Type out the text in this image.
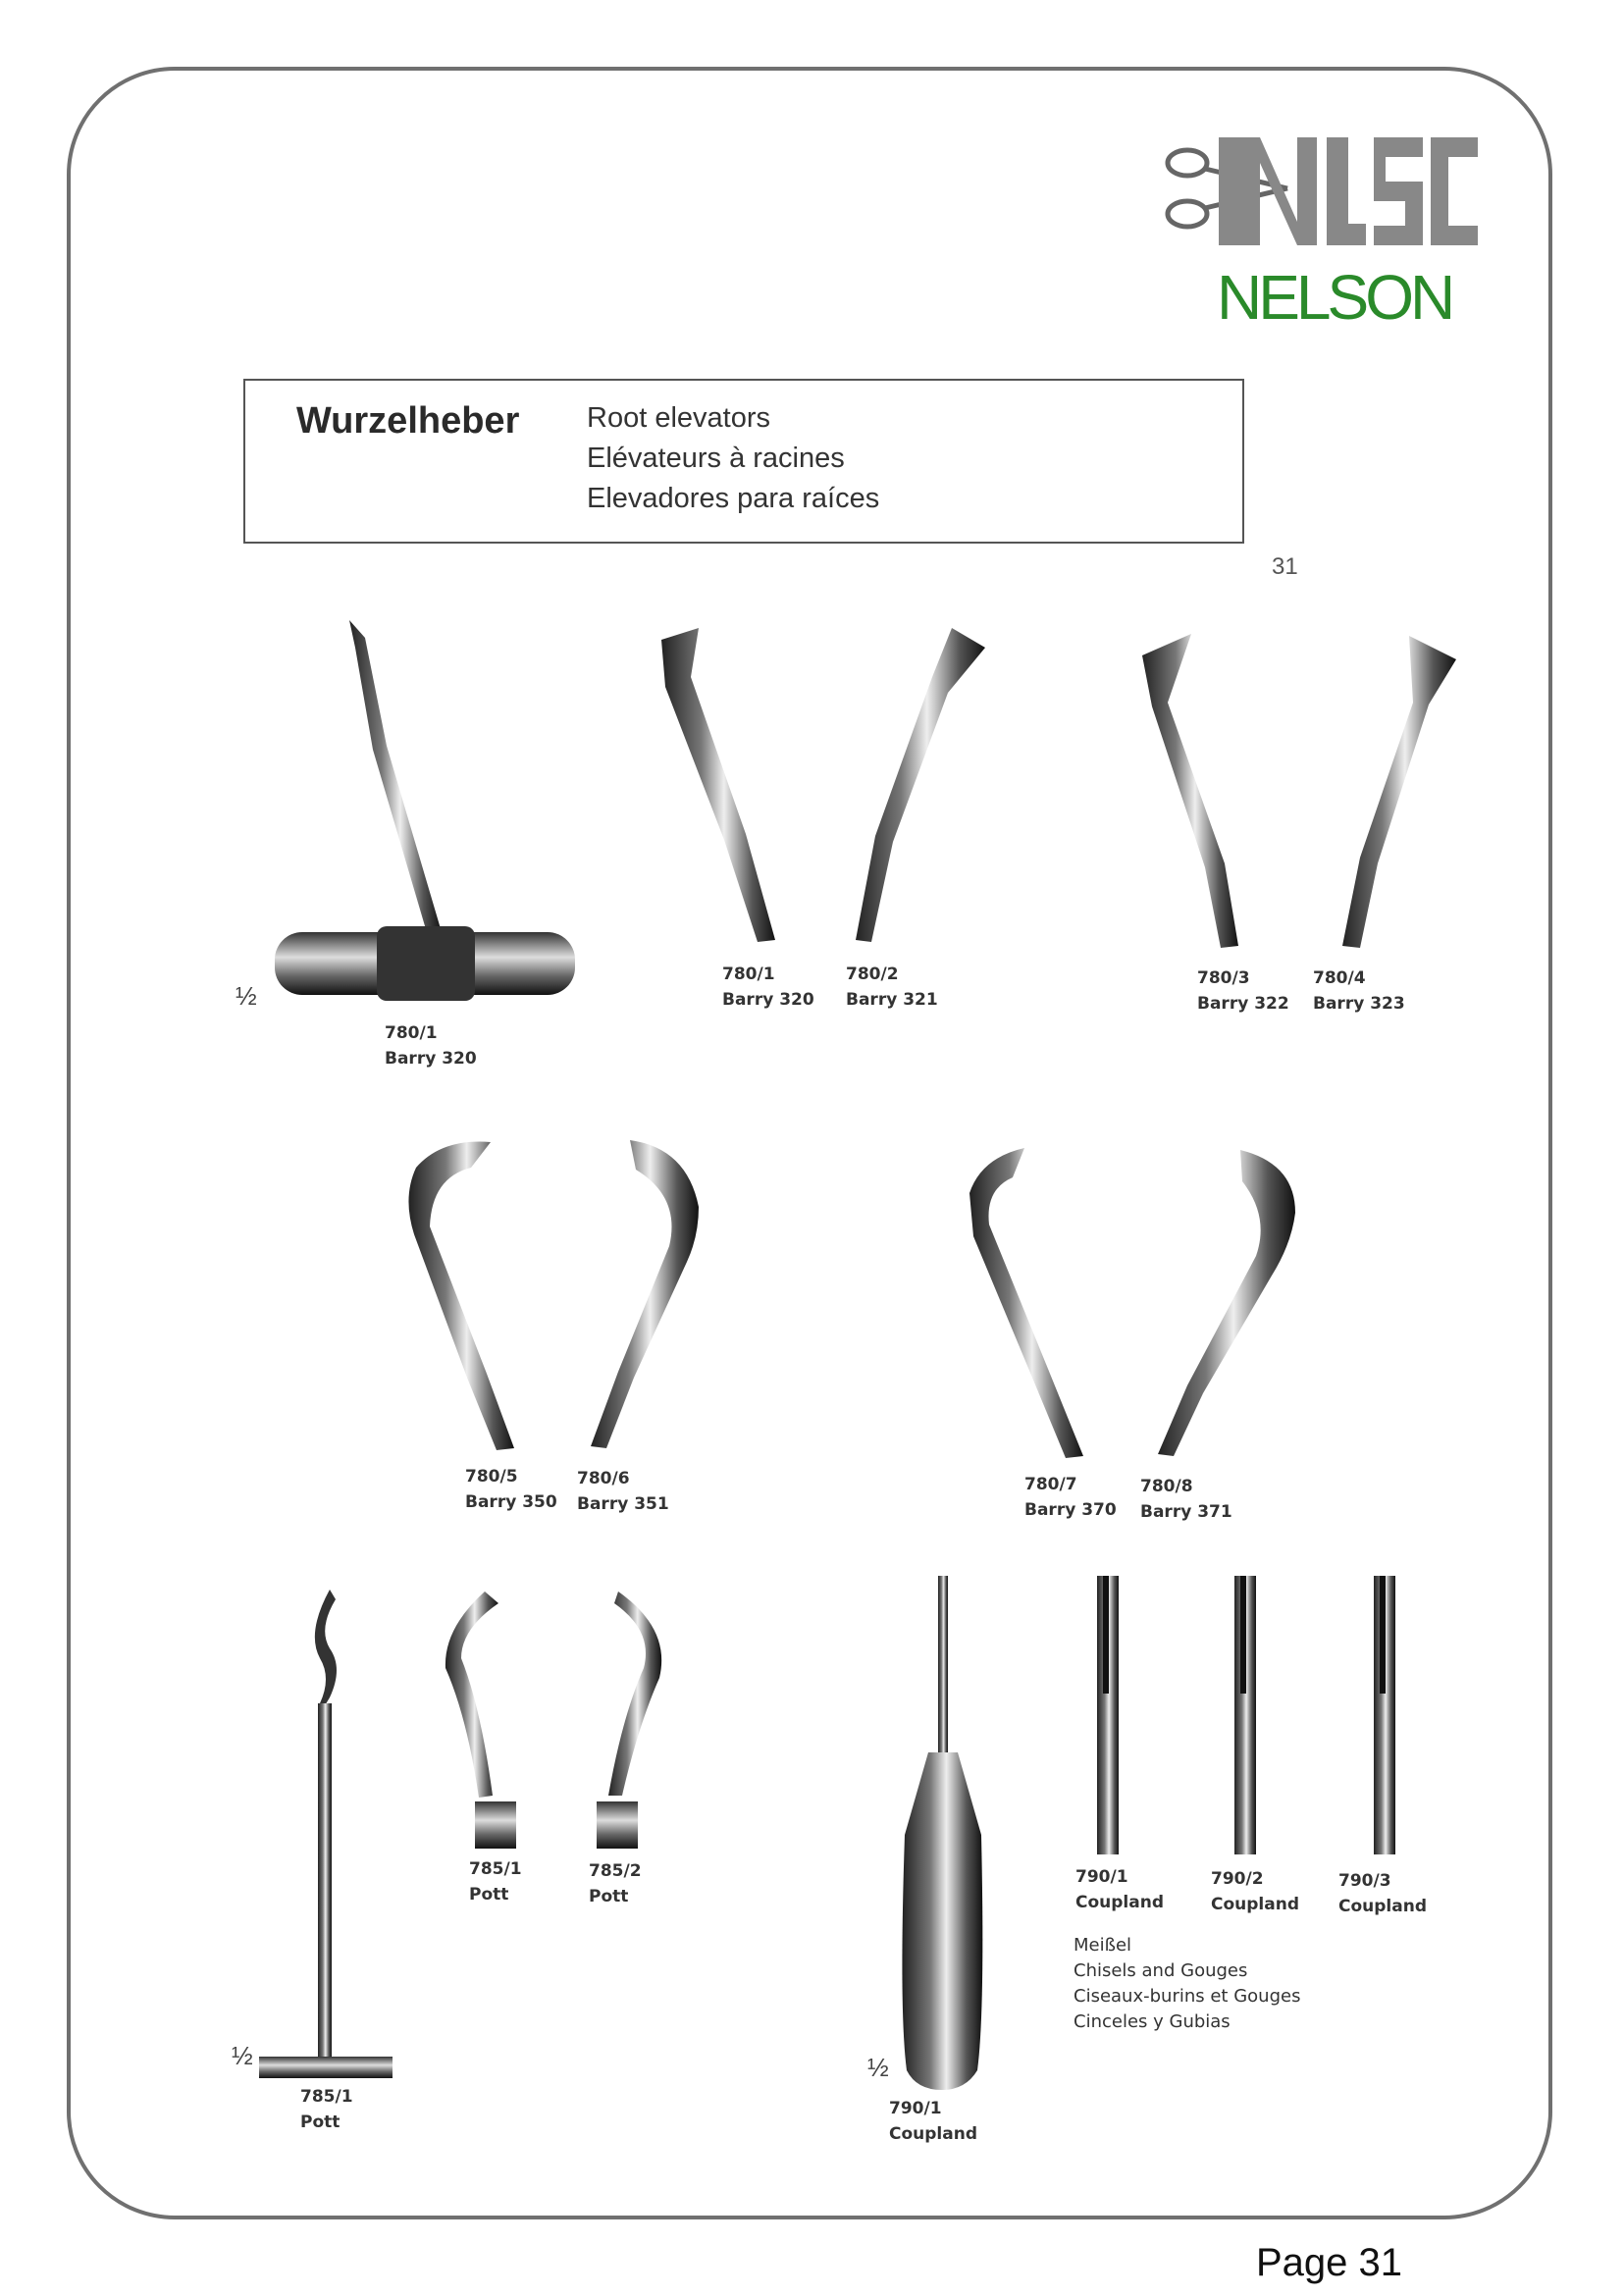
NELSON
Wurzelheber Root elevators
Elévateurs à racines
Elevadores para raíces
31
½
½	½
780/1
Barry 320
780/1
Barry 320
780/2
Barry 321
780/3
Barry 322
780/4
Barry 323
780/5
Barry 350
780/6
Barry 351
780/7
Barry 370
780/8
Barry 371
785/1
Pott
785/1
Pott
785/2
Pott
790/1
Coupland
790/1
Coupland
790/2
Coupland
790/3
Coupland
Meißel
Chisels and Gouges
Ciseaux-burins et Gouges
Cinceles y Gubias
Page 31
